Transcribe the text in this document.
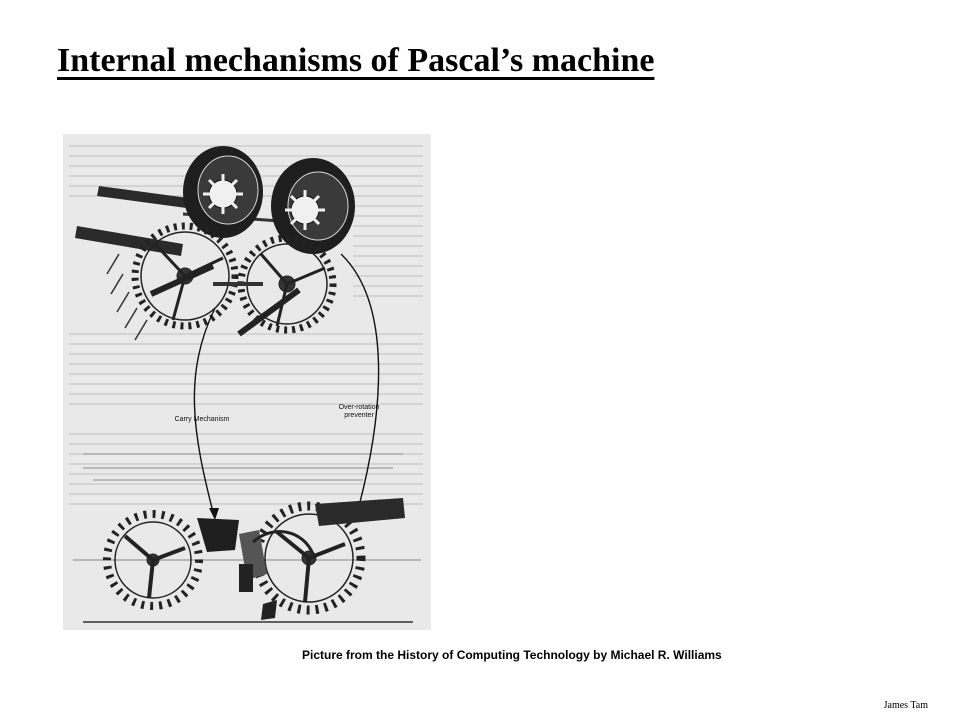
Internal mechanisms of Pascal’s machine
Carry Mechanism
Over-rotation preventer
Picture from the History of Computing Technology by Michael R. Williams
James Tam
